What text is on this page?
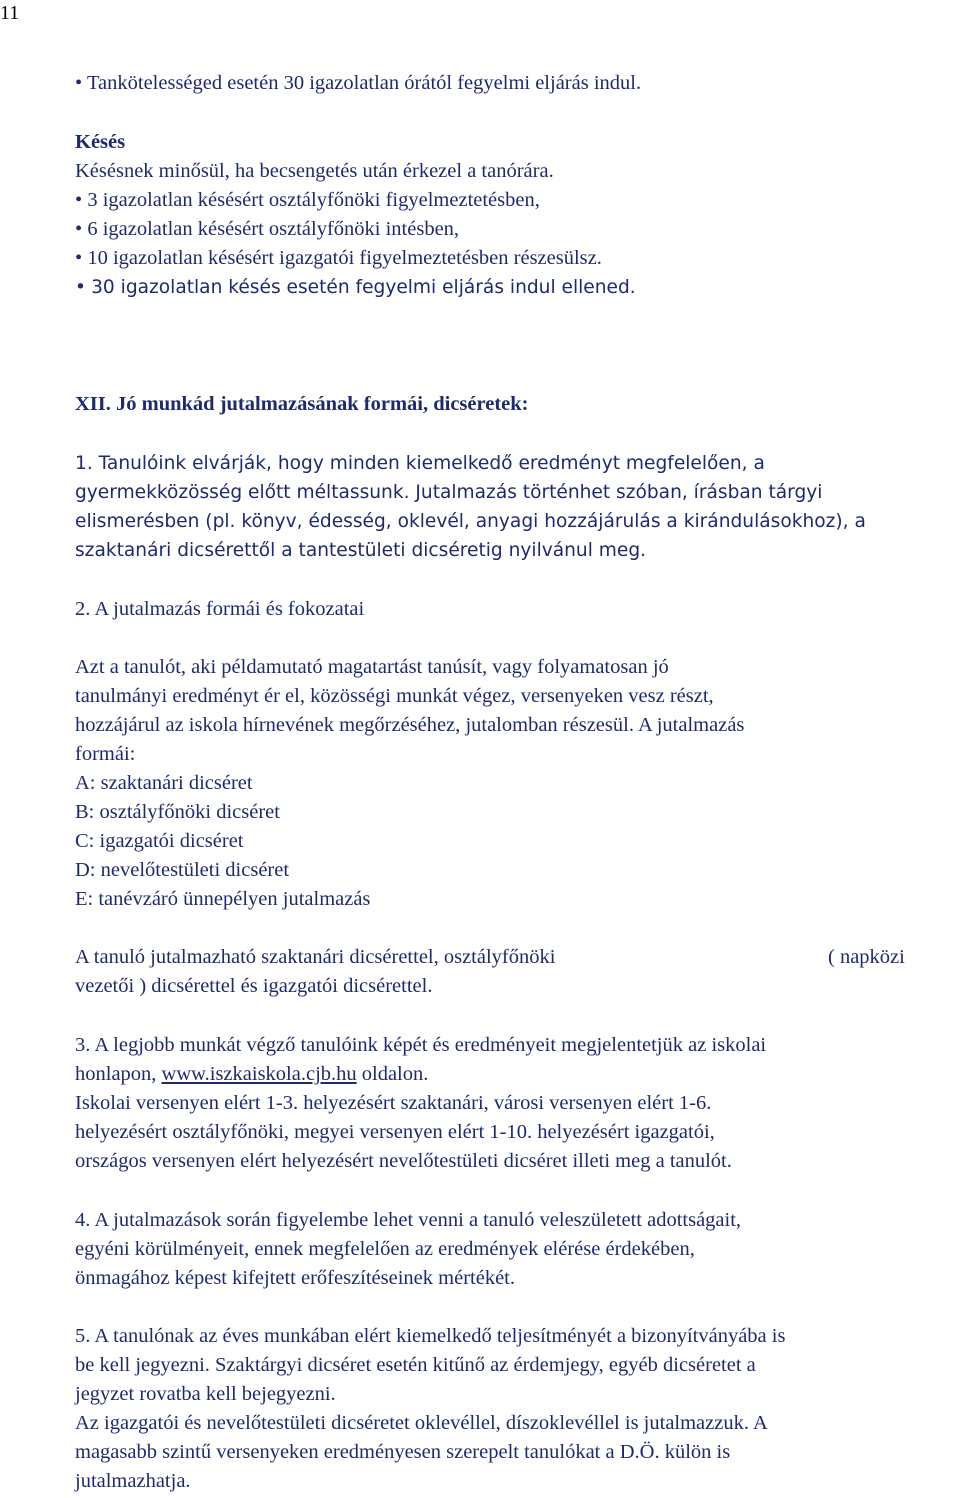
11
• Tankötelességed esetén 30 igazolatlan órától fegyelmi eljárás indul.
Késés
Késésnek minősül, ha becsengetés után érkezel a tanórára.
• 3 igazolatlan késésért osztályfőnöki figyelmeztetésben,
• 6 igazolatlan késésért osztályfőnöki intésben,
• 10 igazolatlan késésért igazgatói figyelmeztetésben részesülsz.
• 30 igazolatlan késés esetén fegyelmi eljárás indul ellened.
XII. Jó munkád jutalmazásának formái, dicséretek:
1. Tanulóink elvárják, hogy minden kiemelkedő eredményt megfelelően, a
gyermekközösség előtt méltassunk. Jutalmazás történhet szóban, írásban tárgyi
elismerésben (pl. könyv, édesség, oklevél, anyagi hozzájárulás a kirándulásokhoz), a
szaktanári dicsérettől a tantestületi dicséretig nyilvánul meg.
2. A jutalmazás formái és fokozatai
Azt a tanulót, aki példamutató magatartást tanúsít, vagy folyamatosan jó
tanulmányi eredményt ér el, közösségi munkát végez, versenyeken vesz részt,
hozzájárul az iskola hírnevének megőrzéséhez, jutalomban részesül. A jutalmazás
formái:
A: szaktanári dicséret
B: osztályfőnöki dicséret
C: igazgatói dicséret
D: nevelőtestületi dicséret
E: tanévzáró ünnepélyen jutalmazás
A tanuló jutalmazható szaktanári dicsérettel, osztályfőnöki	( napközi
vezetői ) dicsérettel és igazgatói dicsérettel.
3. A legjobb munkát végző tanulóink képét és eredményeit megjelentetjük az iskolai
honlapon, www.iszkaiskola.cjb.hu oldalon.
Iskolai versenyen elért 1-3. helyezésért szaktanári, városi versenyen elért 1-6.
helyezésért osztályfőnöki, megyei versenyen elért 1-10. helyezésért igazgatói,
országos versenyen elért helyezésért nevelőtestületi dicséret illeti meg a tanulót.
4. A jutalmazások során figyelembe lehet venni a tanuló veleszületett adottságait,
egyéni körülményeit, ennek megfelelően az eredmények elérése érdekében,
önmagához képest kifejtett erőfeszítéseinek mértékét.
5. A tanulónak az éves munkában elért kiemelkedő teljesítményét a bizonyítványába is
be kell jegyezni. Szaktárgyi dicséret esetén kitűnő az érdemjegy, egyéb dicséretet a
jegyzet rovatba kell bejegyezni.
Az igazgatói és nevelőtestületi dicséretet oklevéllel, díszoklevéllel is jutalmazzuk. A
magasabb szintű versenyeken eredményesen szerepelt tanulókat a D.Ö. külön is
jutalmazhatja.
